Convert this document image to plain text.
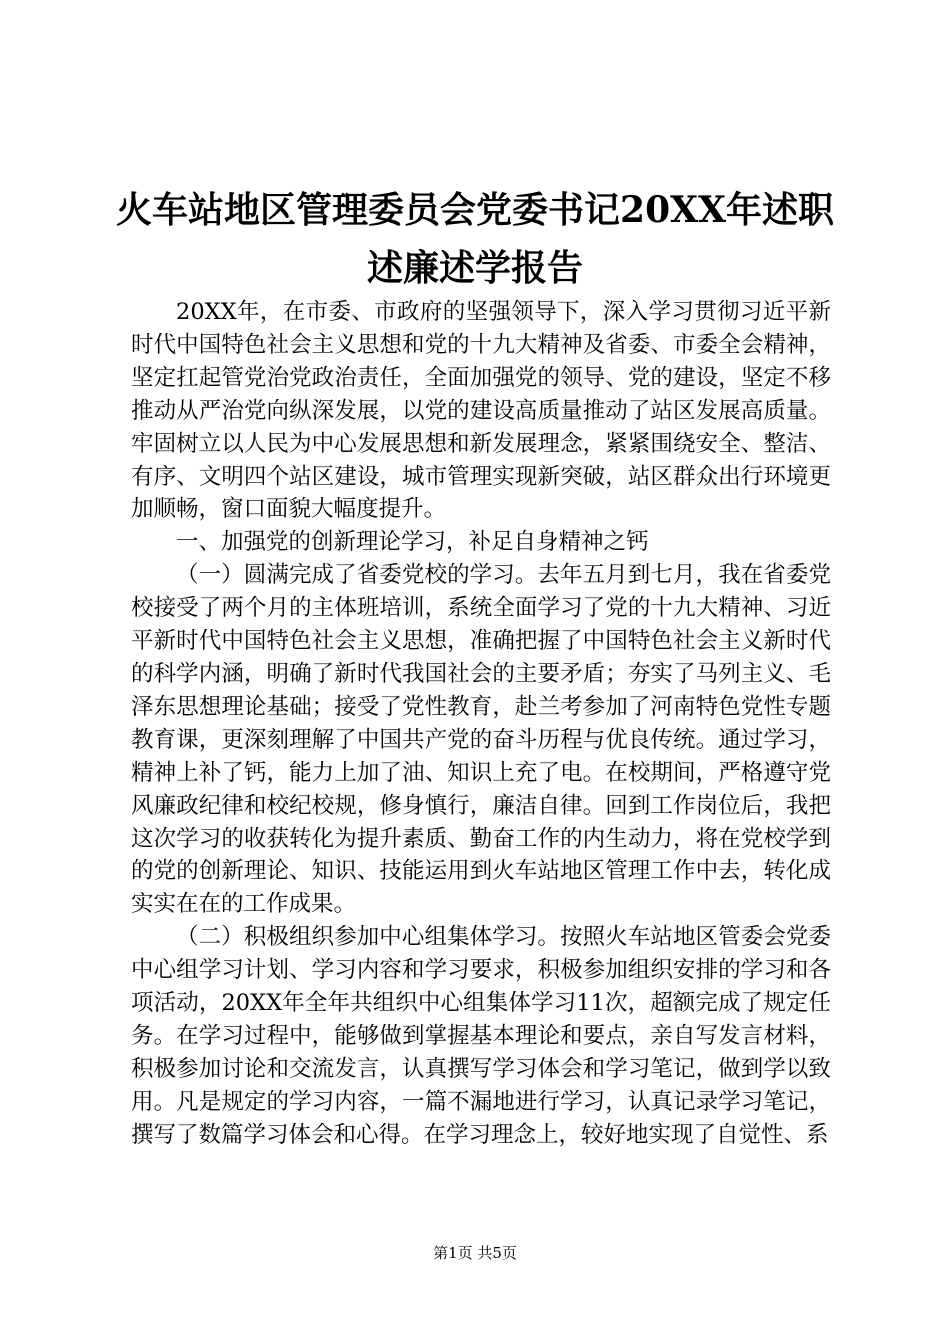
火车站地区管理委员会党委书记20XX年述职
述廉述学报告

20XX年，在市委、市政府的坚强领导下，深入学习贯彻习近平新时代中国特色社会主义思想和党的十九大精神及省委、市委全会精神，坚定扛起管党治党政治责任，全面加强党的领导、党的建设，坚定不移推动从严治党向纵深发展，以党的建设高质量推动了站区发展高质量。牢固树立以人民为中心发展思想和新发展理念，紧紧围绕安全、整洁、有序、文明四个站区建设，城市管理实现新突破，站区群众出行环境更加顺畅，窗口面貌大幅度提升。

一、加强党的创新理论学习，补足自身精神之钙

（一）圆满完成了省委党校的学习。去年五月到七月，我在省委党校接受了两个月的主体班培训，系统全面学习了党的十九大精神、习近平新时代中国特色社会主义思想，准确把握了中国特色社会主义新时代的科学内涵，明确了新时代我国社会的主要矛盾；夯实了马列主义、毛泽东思想理论基础；接受了党性教育，赴兰考参加了河南特色党性专题教育课，更深刻理解了中国共产党的奋斗历程与优良传统。通过学习，精神上补了钙，能力上加了油、知识上充了电。在校期间，严格遵守党风廉政纪律和校纪校规，修身慎行，廉洁自律。回到工作岗位后，我把这次学习的收获转化为提升素质、勤奋工作的内生动力，将在党校学到的党的创新理论、知识、技能运用到火车站地区管理工作中去，转化成实实在在的工作成果。

（二）积极组织参加中心组集体学习。按照火车站地区管委会党委中心组学习计划、学习内容和学习要求，积极参加组织安排的学习和各项活动，20XX年全年共组织中心组集体学习11次，超额完成了规定任务。在学习过程中，能够做到掌握基本理论和要点，亲自写发言材料，积极参加讨论和交流发言，认真撰写学习体会和学习笔记，做到学以致用。凡是规定的学习内容，一篇不漏地进行学习，认真记录学习笔记，撰写了数篇学习体会和心得。在学习理念上，较好地实现了自觉性、系

第1页 共5页
